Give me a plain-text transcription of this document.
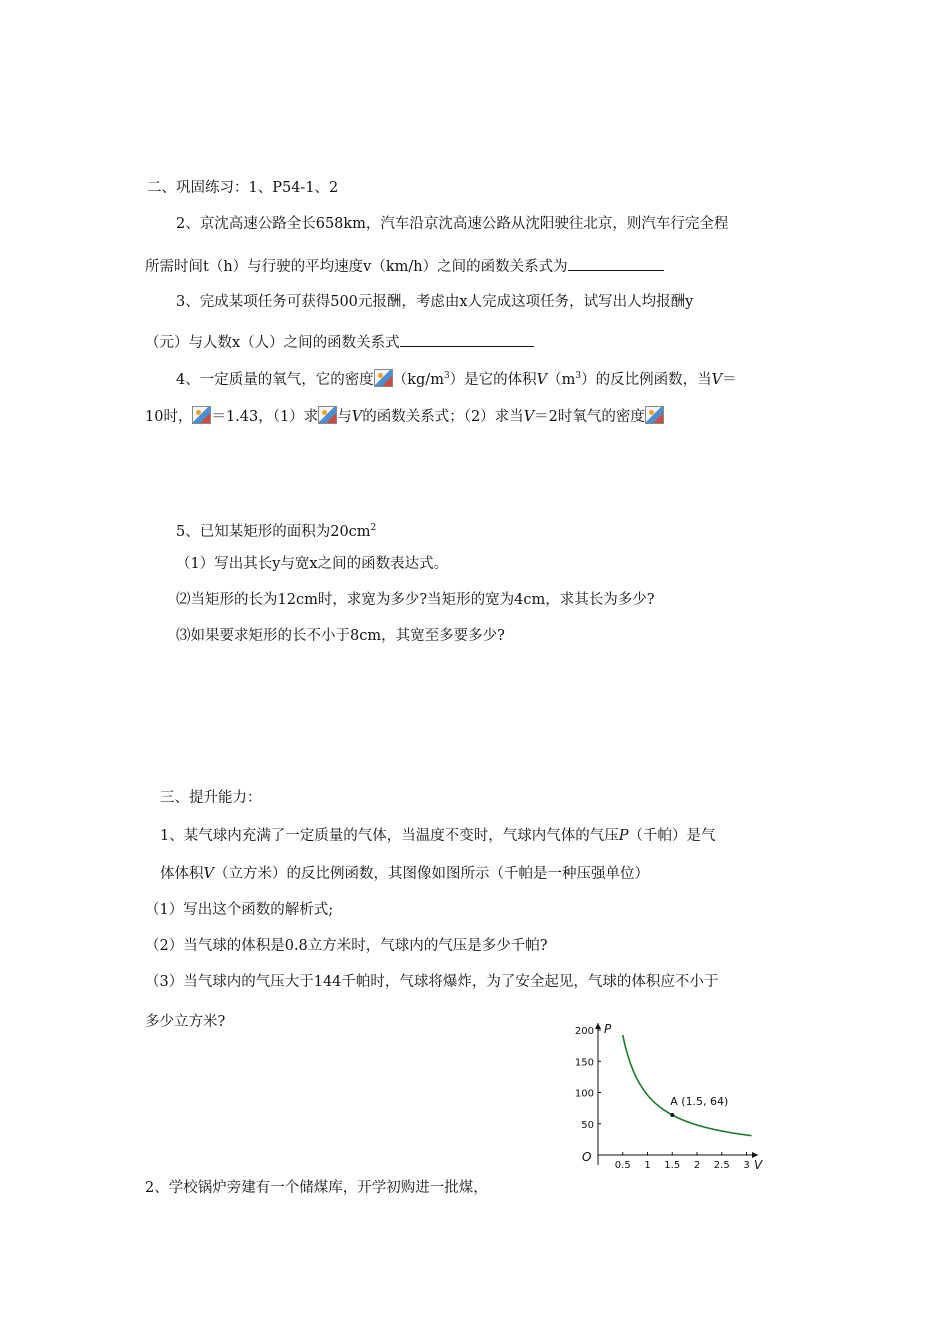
二、巩固练习：1、P54-1、2
2、京沈高速公路全长658km，汽车沿京沈高速公路从沈阳驶往北京，则汽车行完全程
所需时间t（h）与行驶的平均速度v（km/h）之间的函数关系式为
3、完成某项任务可获得500元报酬，考虑由x人完成这项任务，试写出人均报酬y
（元）与人数x（人）之间的函数关系式
4、一定质量的氧气，它的密度 $(kg/m^3)$是它的体积$V(m^3)$的反比例函数，当V＝
10时， ＝1.43，（1）求 与V的函数关系式；（2）求当V＝2时氧气的密度
5、已知某矩形的面积为$20cm^2$
（1）写出其长y与宽x之间的函数表达式。
⑵当矩形的长为12cm时，求宽为多少?当矩形的宽为4cm，求其长为多少?
⑶如果要求矩形的长不小于8cm，其宽至多要多少?
三、提升能力：
1、某气球内充满了一定质量的气体，当温度不变时，气球内气体的气压P（千帕）是气
体体积V（立方米）的反比例函数，其图像如图所示（千帕是一种压强单位）
（1）写出这个函数的解析式;
（2）当气球的体积是0.8立方米时，气球内的气压是多少千帕?
（3）当气球内的气压大于144千帕时，气球将爆炸，为了安全起见，气球的体积应不小于
多少立方米?
2、学校锅炉旁建有一个储煤库，开学初购进一批煤，
V
P
O
0.5 1 1.5 2 2.5 3
50
100
150
200
A (1.5, 64)
